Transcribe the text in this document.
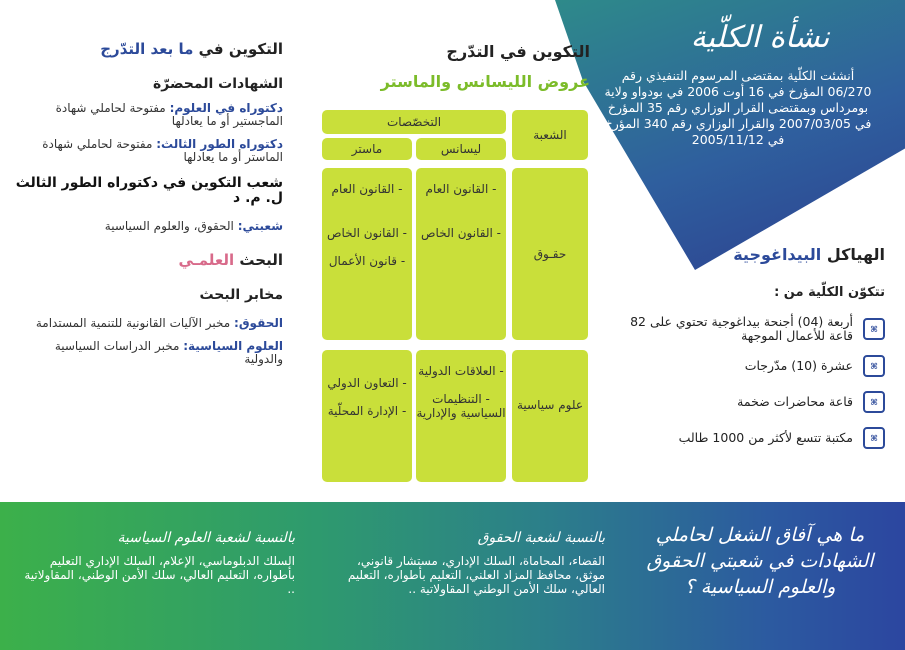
نشأة الكلّية
أنشئت الكلّية بمقتضى المرسوم التنفيذي رقم 06/270 المؤرخ في 16 أوت 2006 في بودواو ولاية بومرداس وبمقتضى القرار الوزاري رقم 35 المؤرخ في 2007/03/05 والقرار الوزاري رقم 340 المؤرخ في 2005/11/12
الهياكل البيداغوجية
تتكوّن الكلّية من :
⌘
أربعة (04) أجنحة بيداغوجية تحتوي على 82 قاعة للأعمال الموجهة
⌘
عشرة (10) مدّرجات
⌘
قاعة محاضرات ضخمة
⌘
مكتبة تتسع لأكثر من 1000 طالب
التكوين في التدّرج
عروض الليسانس والماستر
التخصّصات
الشعبة
ليسانس
ماستر
حقـوق
- القانون العام
- القانون الخاص
- القانون العام
- القانون الخاص
- قانون الأعمال
علوم سياسية
- العلاقات الدولية
- التنظيمات السياسية والإدارية
- التعاون الدولي
- الإدارة المحلّية
التكوين في ما بعد التدّرج
الشهادات المحضرّة
دكتوراه في العلوم: مفتوحة لحاملي شهادة الماجستير أو ما يعادلها
دكتوراه الطور الثالث: مفتوحة لحاملي شهادة الماستر أو ما يعادلها
شعب التكوين في دكتوراه الطور الثالث ل. م. د
شعبتي: الحقوق، والعلوم السياسية
البحث العلمـي
مخابر البحث
الحقوق: مخبر الآليات القانونية للتنمية المستدامة
العلوم السياسية: مخبر الدراسات السياسية والدولية
ما هي آفاق الشغل لحاملي الشهادات في شعبتي الحقوق والعلوم السياسية ؟
بالنسبة لشعبة الحقوق
القضاء، المحاماة، السلك الإداري، مستشار قانوني، موثق، محافظ المزاد العلني، التعليم بأطواره، التعليم العالي، سلك الأمن الوطني المقاولاتية ..
بالنسبة لشعبة العلوم السياسية
السلك الدبلوماسي، الإعلام، السلك الإداري التعليم بأطواره، التعليم العالي، سلك الأمن الوطني، المقاولاتية ..
